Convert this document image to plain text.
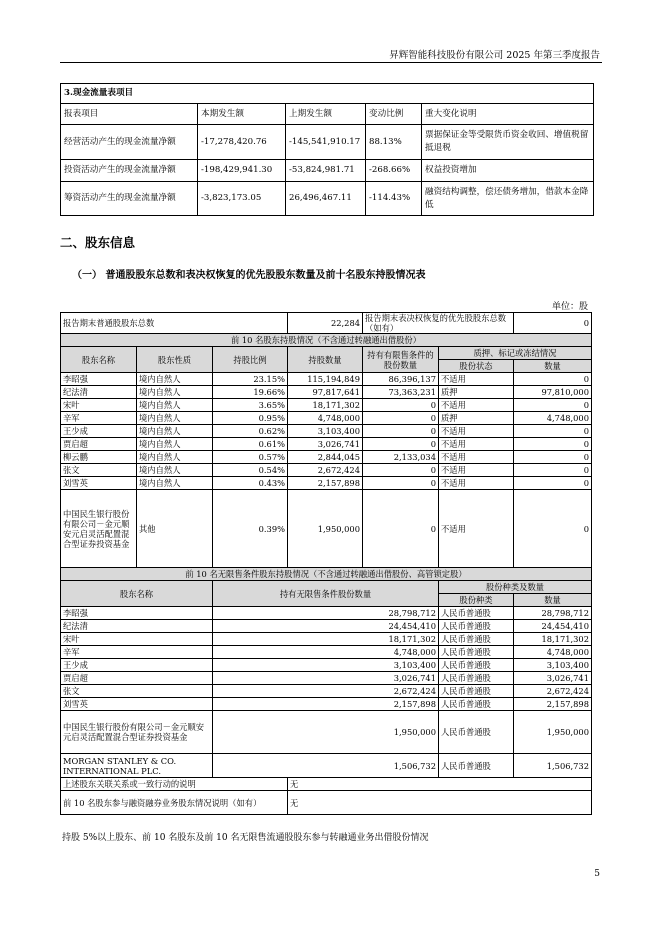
昇辉智能科技股份有限公司 2025 年第三季度报告
3.现金流量表项目				
报表项目	本期发生额	上期发生额	变动比例	重大变化说明
经营活动产生的现金流量净额	-17,278,420.76	-145,541,910.17	88.13%	票据保证金等受限货币资金收回、增值税留抵退税
投资活动产生的现金流量净额	-198,429,941.30	-53,824,981.71	-268.66%	权益投资增加
筹资活动产生的现金流量净额	-3,823,173.05	26,496,467.11	-114.43%	融资结构调整，偿还债务增加，借款本金降低
二、股东信息
（一） 普通股股东总数和表决权恢复的优先股股东数量及前十名股东持股情况表
单位：股
报告期末普通股股东总数			22,284	报告期末表决权恢复的优先股股东总数（如有）		0
前 10 名股东持股情况（不含通过转融通出借股份）						
股东名称	股东性质	持股比例	持股数量	持有有限售条件的股份数量	质押、标记或冻结情况	
					股份状态	数量
李昭强	境内自然人	23.15%	115,194,849	86,396,137	不适用	0
纪法清	境内自然人	19.66%	97,817,641	73,363,231	质押	97,810,000
宋叶	境内自然人	3.65%	18,171,302	0	不适用	0
辛军	境内自然人	0.95%	4,748,000	0	质押	4,748,000
王少成	境内自然人	0.62%	3,103,400	0	不适用	0
贾启超	境内自然人	0.61%	3,026,741	0	不适用	0
柳云鹏	境内自然人	0.57%	2,844,045	2,133,034	不适用	0
张文	境内自然人	0.54%	2,672,424	0	不适用	0
刘雪英	境内自然人	0.43%	2,157,898	0	不适用	0
中国民生银行股份有限公司－金元顺安元启灵活配置混合型证券投资基金	其他	0.39%	1,950,000	0	不适用	0
前 10 名无限售条件股东持股情况（不含通过转融通出借股份、高管锁定股）						
股东名称		持有无限售条件股份数量			股份种类及数量	
					股份种类	数量
李昭强		28,798,712			人民币普通股	28,798,712
纪法清		24,454,410			人民币普通股	24,454,410
宋叶		18,171,302			人民币普通股	18,171,302
辛军		4,748,000			人民币普通股	4,748,000
王少成		3,103,400			人民币普通股	3,103,400
贾启超		3,026,741			人民币普通股	3,026,741
张文		2,672,424			人民币普通股	2,672,424
刘雪英		2,157,898			人民币普通股	2,157,898
中国民生银行股份有限公司－金元顺安元启灵活配置混合型证券投资基金		1,950,000			人民币普通股	1,950,000
MORGAN STANLEY & CO. INTERNATIONAL PLC.		1,506,732			人民币普通股	1,506,732
上述股东关联关系或一致行动的说明			无			
前 10 名股东参与融资融券业务股东情况说明（如有）			无			
持股 5%以上股东、前 10 名股东及前 10 名无限售流通股股东参与转融通业务出借股份情况
5
